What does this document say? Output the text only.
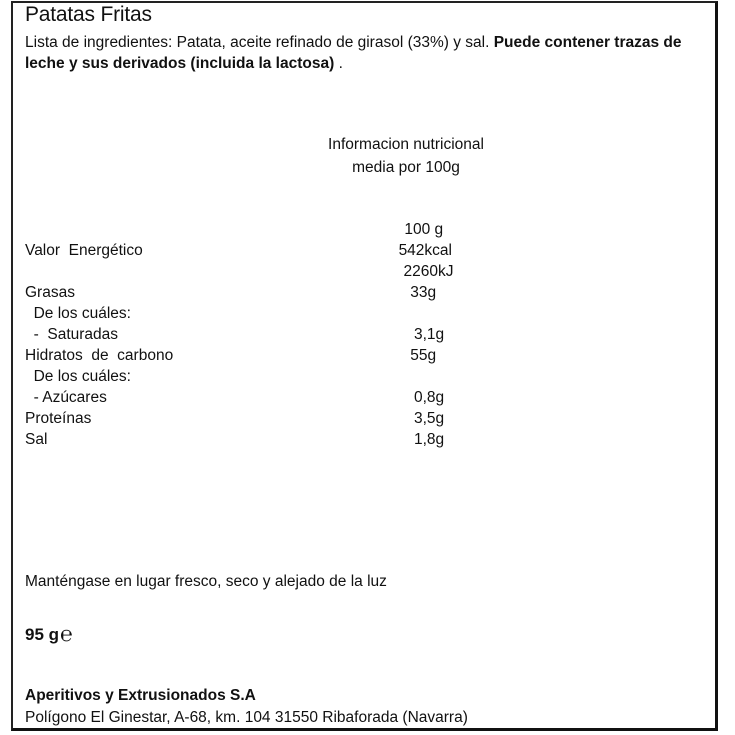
Patatas Fritas
Lista de ingredientes: Patata, aceite refinado de girasol (33%) y sal. Puede contener trazas de leche y sus derivados (incluida la lactosa) .
Informacion nutricional
media por 100g
100 g
Valor  Energético	542kcal
2260kJ
Grasas	33g
De los cuáles:
-  Saturadas	3,1g
Hidratos  de  carbono	55g
De los cuáles:
- Azúcares	0,8g
Proteínas	3,5g
Sal	1,8g
Manténgase en lugar fresco, seco y alejado de la luz
95 g℮
Aperitivos y Extrusionados S.A
Polígono El Ginestar, A-68, km. 104 31550 Ribaforada (Navarra)
